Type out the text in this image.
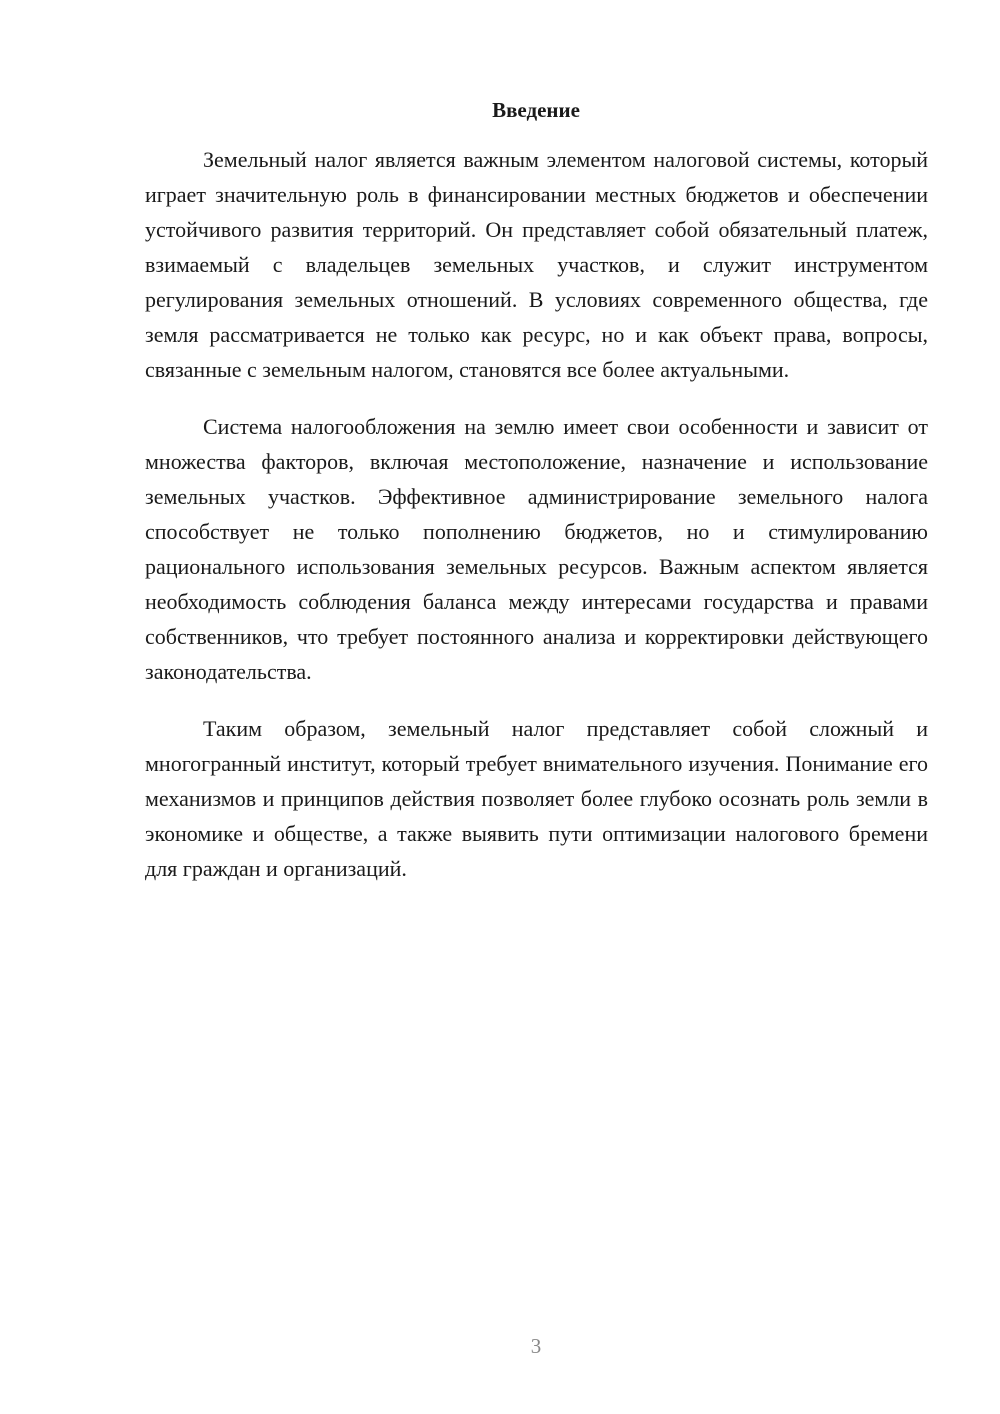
Введение

Земельный налог является важным элементом налоговой системы, который играет значительную роль в финансировании местных бюджетов и обеспечении устойчивого развития территорий. Он представляет собой обязательный платеж, взимаемый с владельцев земельных участков, и служит инструментом регулирования земельных отношений. В условиях современного общества, где земля рассматривается не только как ресурс, но и как объект права, вопросы, связанные с земельным налогом, становятся все более актуальными.

Система налогообложения на землю имеет свои особенности и зависит от множества факторов, включая местоположение, назначение и использование земельных участков. Эффективное администрирование земельного налога способствует не только пополнению бюджетов, но и стимулированию рационального использования земельных ресурсов. Важным аспектом является необходимость соблюдения баланса между интересами государства и правами собственников, что требует постоянного анализа и корректировки действующего законодательства.

Таким образом, земельный налог представляет собой сложный и многогранный институт, который требует внимательного изучения. Понимание его механизмов и принципов действия позволяет более глубоко осознать роль земли в экономике и обществе, а также выявить пути оптимизации налогового бремени для граждан и организаций.

3
